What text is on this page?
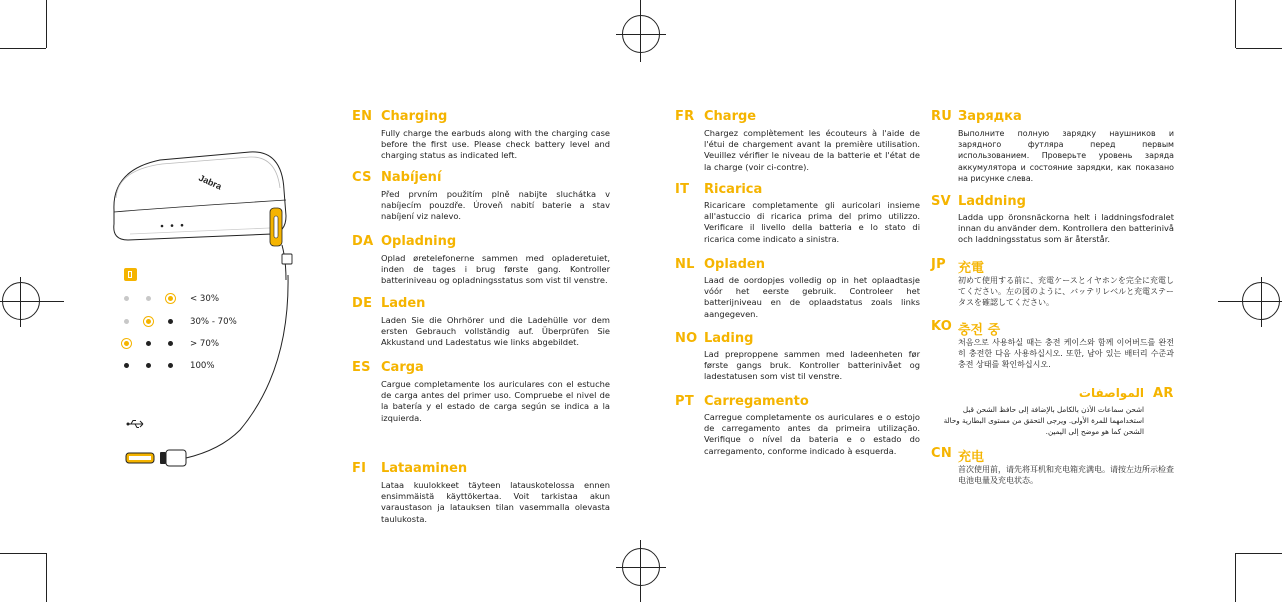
Jabra
< 30%
30% - 70%
> 70%
100%
EN Charging
Fully charge the earbuds along with the charging case before the first use. Please check battery level and charging status as indicated left.
CS Nabíjení
Před prvním použitím plně nabijte sluchátka v nabíjecím pouzdře. Úroveň nabití baterie a stav nabíjení viz nalevo.
DA Opladning
Oplad øretelefonerne sammen med opladeretuiet, inden de tages i brug første gang. Kontroller batteriniveau og opladningsstatus som vist til venstre.
DE Laden
Laden Sie die Ohrhörer und die Ladehülle vor dem ersten Gebrauch vollständig auf. Überprüfen Sie Akkustand und Ladestatus wie links abgebildet.
ES Carga
Cargue completamente los auriculares con el estuche de carga antes del primer uso. Compruebe el nivel de la batería y el estado de carga según se indica a la izquierda.
FI Lataaminen
Lataa kuulokkeet täyteen latauskotelossa ennen ensimmäistä käyttökertaa. Voit tarkistaa akun varaustason ja latauksen tilan vasemmalla olevasta taulukosta.
FR Charge
Chargez complètement les écouteurs à l'aide de l'étui de chargement avant la première utilisation. Veuillez vérifier le niveau de la batterie et l'état de la charge (voir ci-contre).
IT Ricarica
Ricaricare completamente gli auricolari insieme all'astuccio di ricarica prima del primo utilizzo. Verificare il livello della batteria e lo stato di ricarica come indicato a sinistra.
NL Opladen
Laad de oordopjes volledig op in het oplaadtasje vóór het eerste gebruik. Controleer het batterijniveau en de oplaadstatus zoals links aangegeven.
NO Lading
Lad preproppene sammen med ladeenheten før første gangs bruk. Kontroller batterinivået og ladestatusen som vist til venstre.
PT Carregamento
Carregue completamente os auriculares e o estojo de carregamento antes da primeira utilização. Verifique o nível da bateria e o estado do carregamento, conforme indicado à esquerda.
RU Зарядка
Выполните полную зарядку наушников и зарядного футляра перед первым использованием. Проверьте уровень заряда аккумулятора и состояние зарядки, как показано на рисунке слева.
SV Laddning
Ladda upp öronsnäckorna helt i laddningsfodralet innan du använder dem. Kontrollera den batterinivå och laddningsstatus som är återstår.
JP 充電
初めて使用する前に、充電ケースとイヤホンを完全に充電してください。左の図のように、バッテリレベルと充電ステータスを確認してください。
KO 충전 중
처음으로 사용하실 때는 충전 케이스와 함께 이어버드를 완전히 충전한 다음 사용하십시오. 또한, 남아 있는 배터리 수준과 충전 상태를 확인하십시오.
AR
المواصفات
اشحن سماعات الأذن بالكامل بالإضافة إلى حافظ الشحن قبل استخدامهما للمرة الأولى. ويرجى التحقق من مستوى البطارية وحالة الشحن كما هو موضح إلى اليمين.
CN 充电
首次使用前，请先将耳机和充电箱充满电。请按左边所示检查电池电量及充电状态。
